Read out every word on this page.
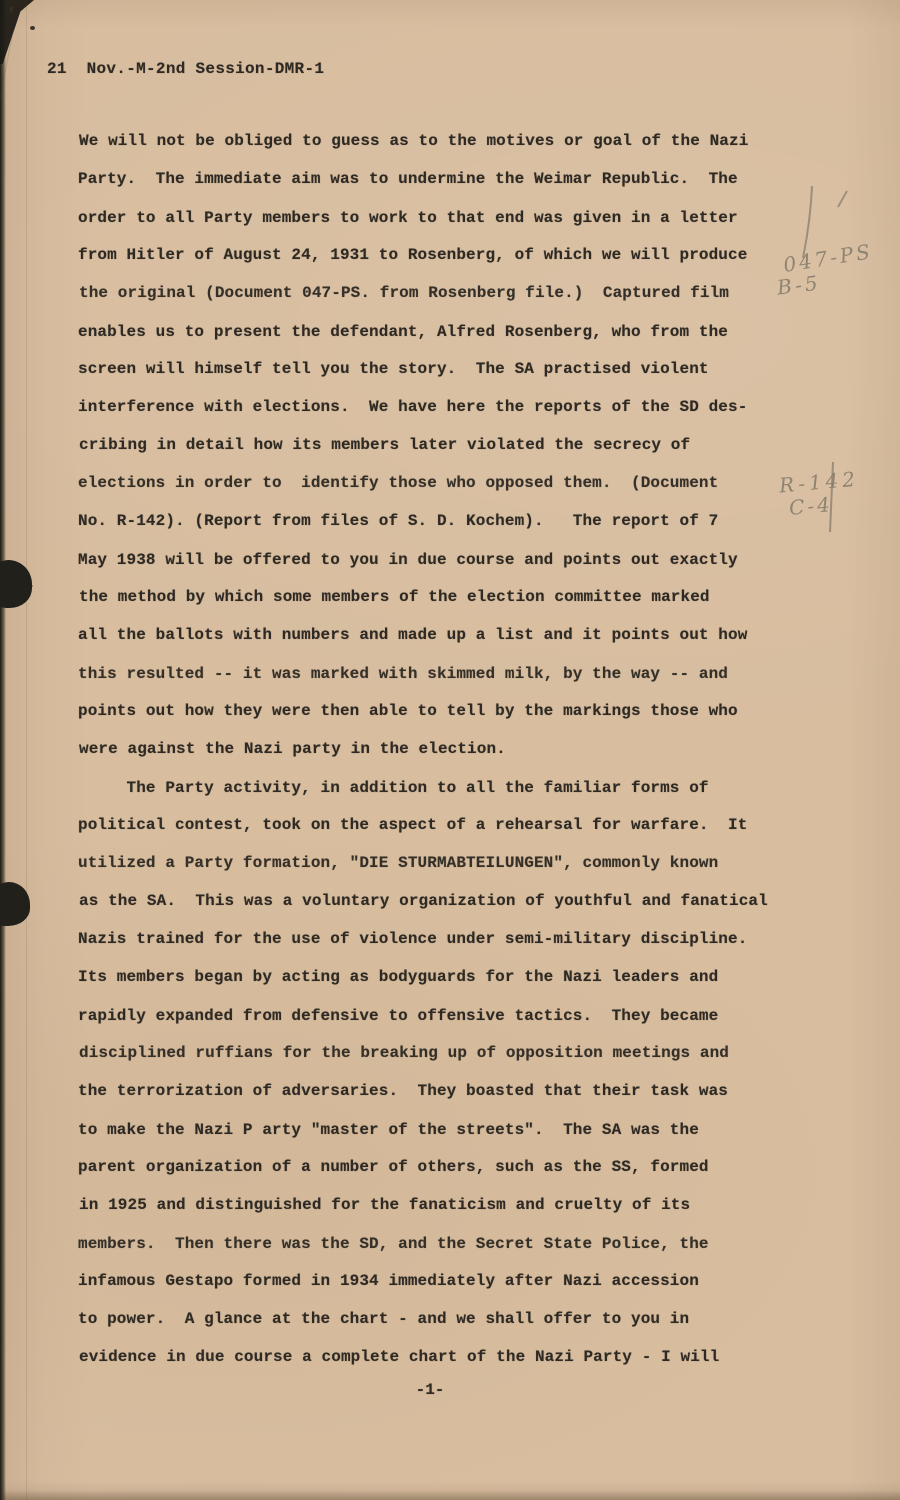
21  Nov.-M-2nd Session-DMR-1
We will not be obliged to guess as to the motives or goal of the Nazi
Party.  The immediate aim was to undermine the Weimar Republic.  The
order to all Party members to work to that end was given in a letter
from Hitler of August 24, 1931 to Rosenberg, of which we will produce
the original (Document 047-PS. from Rosenberg file.)  Captured film
enables us to present the defendant, Alfred Rosenberg, who from the
screen will himself tell you the story.  The SA practised violent
interference with elections.  We have here the reports of the SD des-
cribing in detail how its members later violated the secrecy of
elections in order to  identify those who opposed them.  (Document
No. R-142). (Report from files of S. D. Kochem).   The report of 7
May 1938 will be offered to you in due course and points out exactly
the method by which some members of the election committee marked
all the ballots with numbers and made up a list and it points out how
this resulted -- it was marked with skimmed milk, by the way -- and
points out how they were then able to tell by the markings those who
were against the Nazi party in the election.
The Party activity, in addition to all the familiar forms of
political contest, took on the aspect of a rehearsal for warfare.  It
utilized a Party formation, "DIE STURMABTEILUNGEN", commonly known
as the SA.  This was a voluntary organization of youthful and fanatical
Nazis trained for the use of violence under semi-military discipline.
Its members began by acting as bodyguards for the Nazi leaders and
rapidly expanded from defensive to offensive tactics.  They became
disciplined ruffians for the breaking up of opposition meetings and
the terrorization of adversaries.  They boasted that their task was
to make the Nazi P arty "master of the streets".  The SA was the
parent organization of a number of others, such as the SS, formed
in 1925 and distinguished for the fanaticism and cruelty of its
members.  Then there was the SD, and the Secret State Police, the
infamous Gestapo formed in 1934 immediately after Nazi accession
to power.  A glance at the chart - and we shall offer to you in
evidence in due course a complete chart of the Nazi Party - I will
-1-
047-PS
B-5
R-142
C-4
